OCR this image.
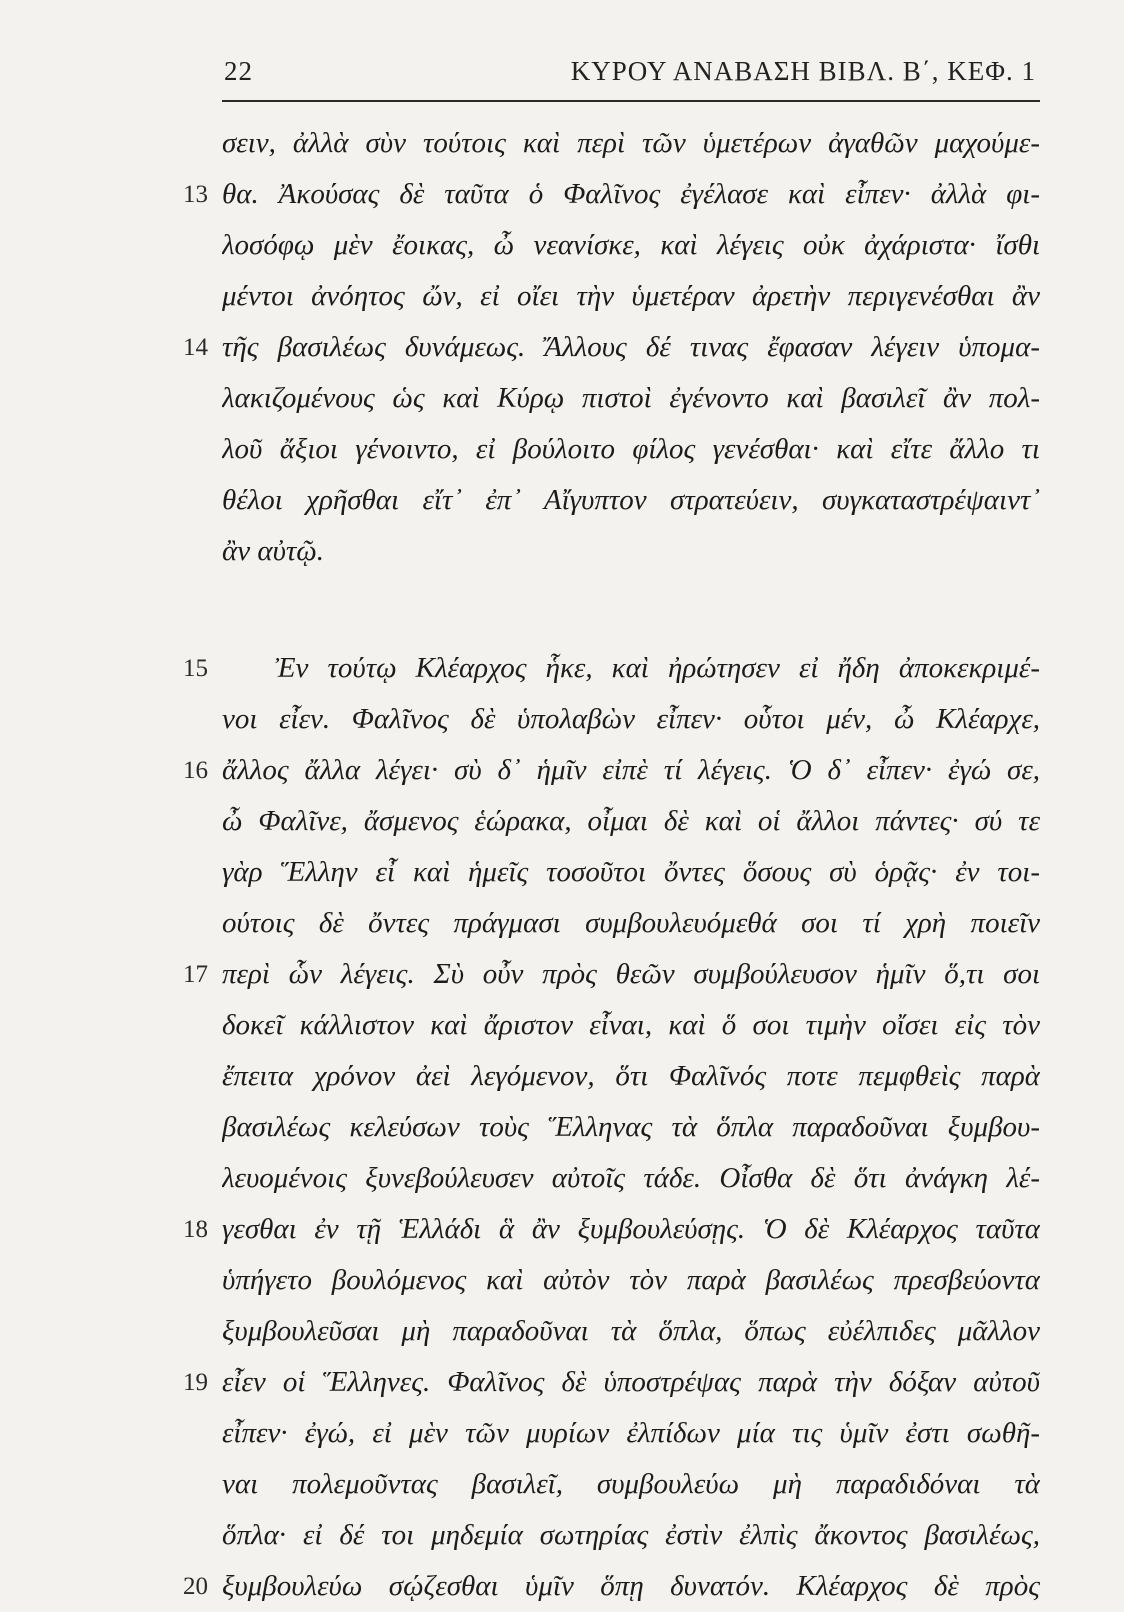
22	ΚΥΡΟΥ ΑΝΑΒΑΣΗ ΒΙΒΛ. Β΄, ΚΕΦ. 1
σειν, ἀλλὰ σὺν τούτοις καὶ περὶ τῶν ὑμετέρων ἀγαθῶν μαχούμε-
13 θα. Ἀκούσας δὲ ταῦτα ὁ Φαλῖνος ἐγέλασε καὶ εἶπεν· ἀλλὰ φι-
λοσόφῳ μὲν ἔοικας, ὦ νεανίσκε, καὶ λέγεις οὐκ ἀχάριστα· ἴσθι
μέντοι ἀνόητος ὤν, εἰ οἴει τὴν ὑμετέραν ἀρετὴν περιγενέσθαι ἂν
14 τῆς βασιλέως δυνάμεως. Ἄλλους δέ τινας ἔφασαν λέγειν ὑπομα-
λακιζομένους ὡς καὶ Κύρῳ πιστοὶ ἐγένοντο καὶ βασιλεῖ ἂν πολ-
λοῦ ἄξιοι γένοιντο, εἰ βούλοιτο φίλος γενέσθαι· καὶ εἴτε ἄλλο τι
θέλοι χρῆσθαι εἴτ᾽ ἐπ᾽ Αἴγυπτον στρατεύειν, συγκαταστρέψαιντ᾽
ἂν αὐτῷ.
15 Ἐν τούτῳ Κλέαρχος ἧκε, καὶ ἠρώτησεν εἰ ἤδη ἀποκεκριμέ-
νοι εἶεν. Φαλῖνος δὲ ὑπολαβὼν εἶπεν· οὗτοι μέν, ὦ Κλέαρχε,
16 ἄλλος ἄλλα λέγει· σὺ δ᾽ ἡμῖν εἰπὲ τί λέγεις. Ὁ δ᾽ εἶπεν· ἐγώ σε,
ὦ Φαλῖνε, ἄσμενος ἑώρακα, οἶμαι δὲ καὶ οἱ ἄλλοι πάντες· σύ τε
γὰρ Ἕλλην εἶ καὶ ἡμεῖς τοσοῦτοι ὄντες ὅσους σὺ ὁρᾷς· ἐν τοι-
ούτοις δὲ ὄντες πράγμασι συμβουλευόμεθά σοι τί χρὴ ποιεῖν
17 περὶ ὧν λέγεις. Σὺ οὖν πρὸς θεῶν συμβούλευσον ἡμῖν ὅ,τι σοι
δοκεῖ κάλλιστον καὶ ἄριστον εἶναι, καὶ ὅ σοι τιμὴν οἴσει εἰς τὸν
ἔπειτα χρόνον ἀεὶ λεγόμενον, ὅτι Φαλῖνός ποτε πεμφθεὶς παρὰ
βασιλέως κελεύσων τοὺς Ἕλληνας τὰ ὅπλα παραδοῦναι ξυμβου-
λευομένοις ξυνεβούλευσεν αὐτοῖς τάδε. Οἶσθα δὲ ὅτι ἀνάγκη λέ-
18 γεσθαι ἐν τῇ Ἑλλάδι ἃ ἂν ξυμβουλεύσῃς. Ὁ δὲ Κλέαρχος ταῦτα
ὑπήγετο βουλόμενος καὶ αὐτὸν τὸν παρὰ βασιλέως πρεσβεύοντα
ξυμβουλεῦσαι μὴ παραδοῦναι τὰ ὅπλα, ὅπως εὐέλπιδες μᾶλλον
19 εἶεν οἱ Ἕλληνες. Φαλῖνος δὲ ὑποστρέψας παρὰ τὴν δόξαν αὐτοῦ
εἶπεν· ἐγώ, εἰ μὲν τῶν μυρίων ἐλπίδων μία τις ὑμῖν ἐστι σωθῆ-
ναι πολεμοῦντας βασιλεῖ, συμβουλεύω μὴ παραδιδόναι τὰ
ὅπλα· εἰ δέ τοι μηδεμία σωτηρίας ἐστὶν ἐλπὶς ἄκοντος βασιλέως,
20 ξυμβουλεύω σῴζεσθαι ὑμῖν ὅπῃ δυνατόν. Κλέαρχος δὲ πρὸς
